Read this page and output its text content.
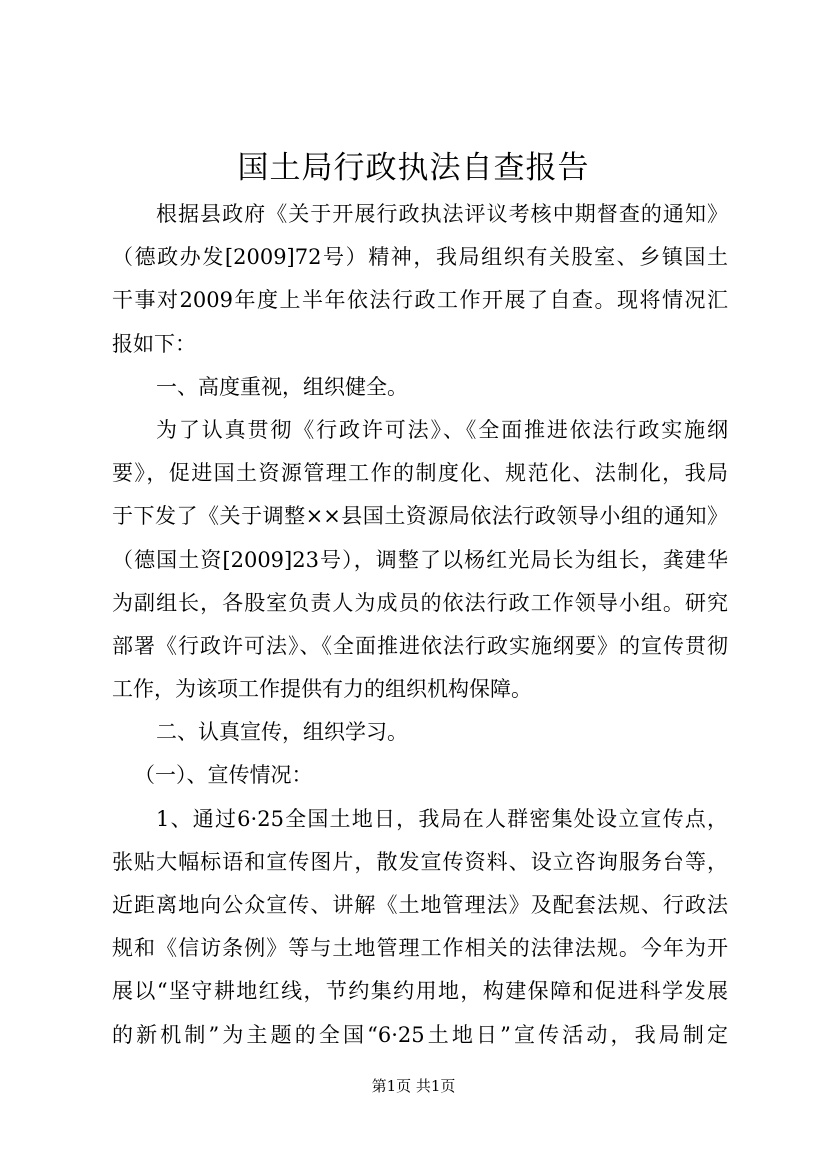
国土局行政执法自查报告
根据县政府《关于开展行政执法评议考核中期督查的通知》
（德政办发[2009]72号）精神，我局组织有关股室、乡镇国土
干事对2009年度上半年依法行政工作开展了自查。现将情况汇
报如下：
一、高度重视，组织健全。
为了认真贯彻《行政许可法》、《全面推进依法行政实施纲
要》，促进国土资源管理工作的制度化、规范化、法制化，我局
于下发了《关于调整××县国土资源局依法行政领导小组的通知》
（德国土资[2009]23号），调整了以杨红光局长为组长，龚建华
为副组长，各股室负责人为成员的依法行政工作领导小组。研究
部署《行政许可法》、《全面推进依法行政实施纲要》的宣传贯彻
工作，为该项工作提供有力的组织机构保障。
二、认真宣传，组织学习。
（一）、宣传情况：
1、通过6·25全国土地日，我局在人群密集处设立宣传点，
张贴大幅标语和宣传图片，散发宣传资料、设立咨询服务台等，
近距离地向公众宣传、讲解《土地管理法》及配套法规、行政法
规和《信访条例》等与土地管理工作相关的法律法规。今年为开
展以“坚守耕地红线，节约集约用地，构建保障和促进科学发展
的新机制”为主题的全国“6·25土地日”宣传活动，我局制定
第1页 共1页
